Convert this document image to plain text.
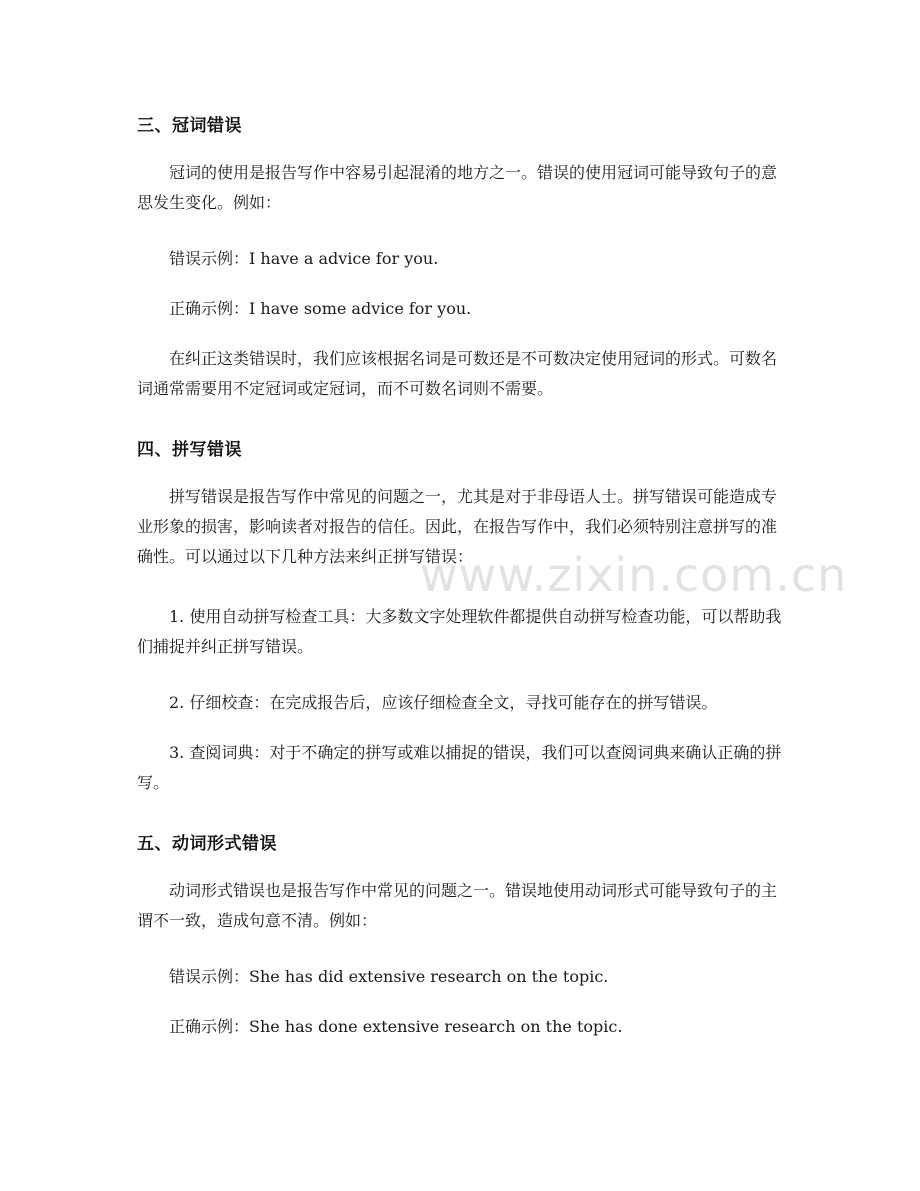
三、冠词错误
冠词的使用是报告写作中容易引起混淆的地方之一。错误的使用冠词可能导致句子的意思发生变化。例如：
错误示例：I have a advice for you.
正确示例：I have some advice for you.
在纠正这类错误时，我们应该根据名词是可数还是不可数决定使用冠词的形式。可数名词通常需要用不定冠词或定冠词，而不可数名词则不需要。
四、拼写错误
拼写错误是报告写作中常见的问题之一，尤其是对于非母语人士。拼写错误可能造成专业形象的损害，影响读者对报告的信任。因此，在报告写作中，我们必须特别注意拼写的准确性。可以通过以下几种方法来纠正拼写错误：
1. 使用自动拼写检查工具：大多数文字处理软件都提供自动拼写检查功能，可以帮助我们捕捉并纠正拼写错误。
2. 仔细校查：在完成报告后，应该仔细检查全文，寻找可能存在的拼写错误。
3. 查阅词典：对于不确定的拼写或难以捕捉的错误，我们可以查阅词典来确认正确的拼写。
五、动词形式错误
动词形式错误也是报告写作中常见的问题之一。错误地使用动词形式可能导致句子的主谓不一致，造成句意不清。例如：
错误示例：She has did extensive research on the topic.
正确示例：She has done extensive research on the topic.
www.zixin.com.cn
